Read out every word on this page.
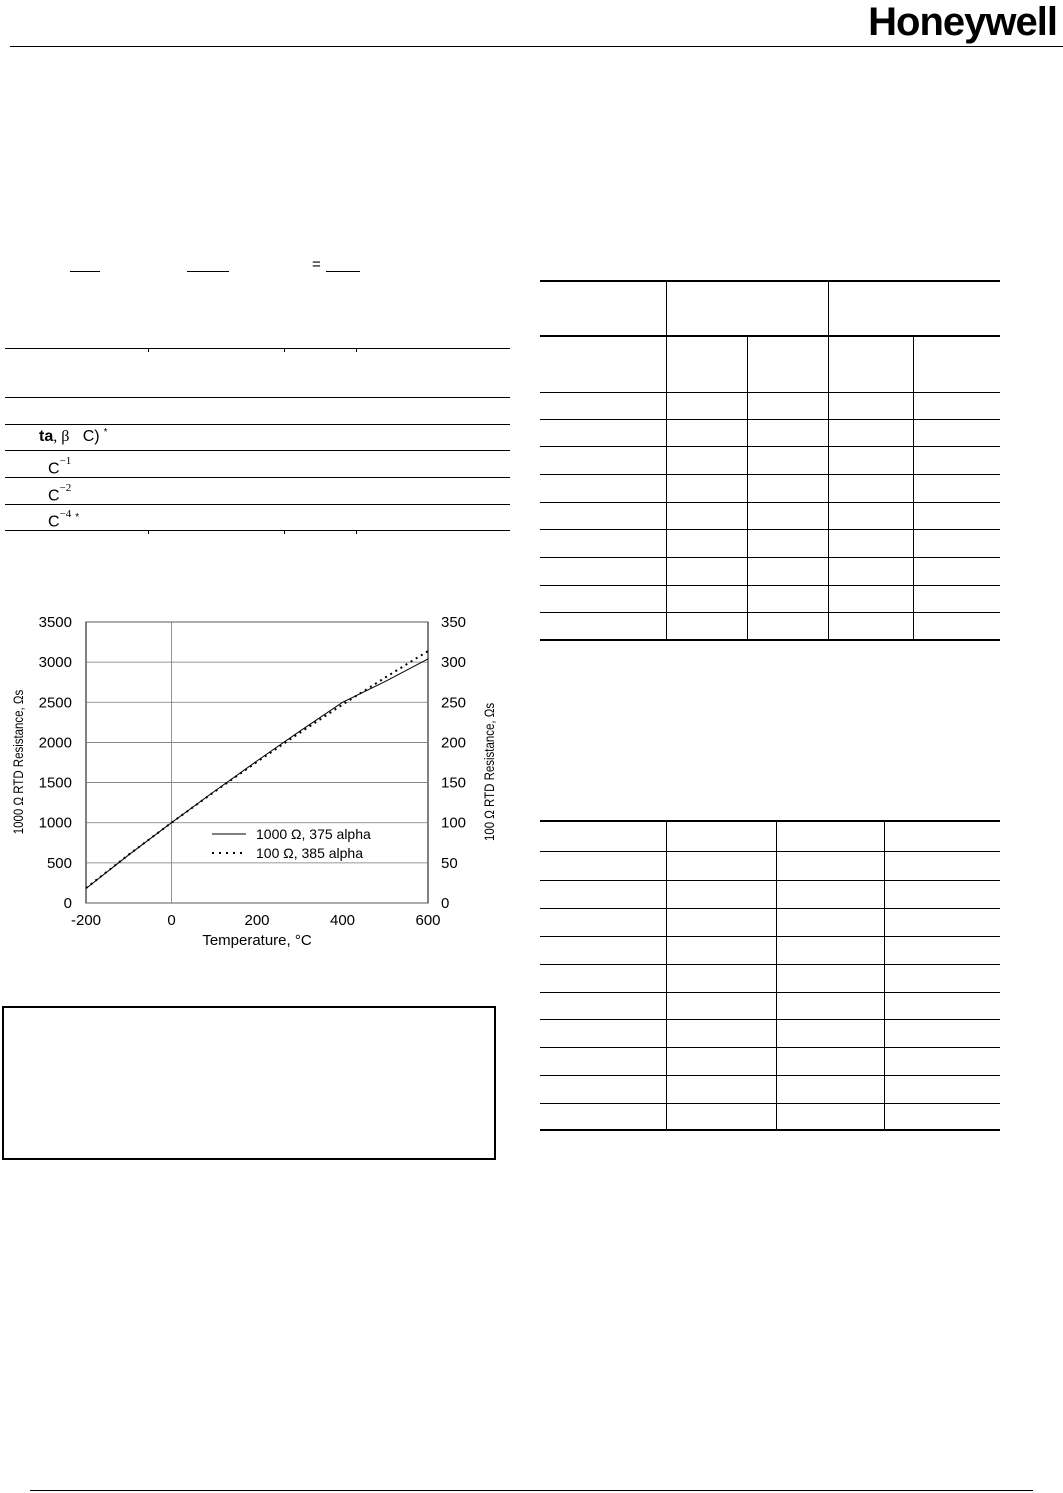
Honeywell
=
ta, β C) *
$C^{-1}$
$C^{-2}$
$C^{-4}$ *
0
500
1000
1500
2000
2500
3000
3500
0
50
100
150
200
250
300
350
-200	0	200	400	600
1000 Ω, 375 alpha
100 Ω, 385 alpha
Temperature, °C
1000 Ω RTD Resistance, Ωs	100 Ω RTD Resistance, Ωs
